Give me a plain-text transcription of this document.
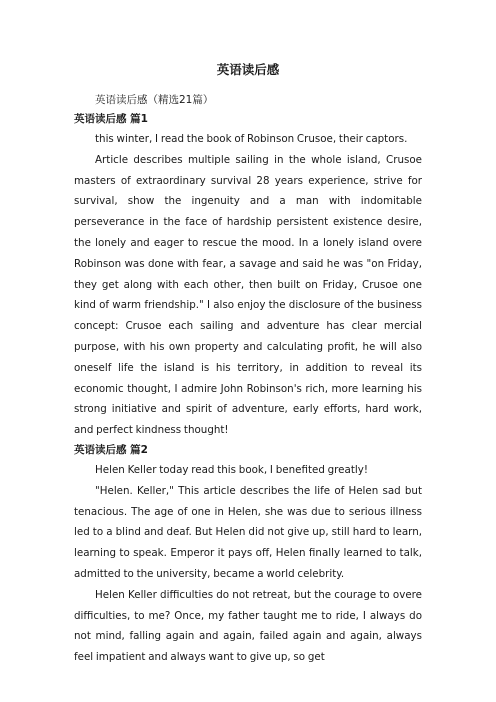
英语读后感

英语读后感（精选21篇）

英语读后感 篇1

this winter, I read the book of Robinson Crusoe, their captors.

Article describes multiple sailing in the whole island, Crusoe masters of extraordinary survival 28 years experience, strive for survival, show the ingenuity and a man with indomitable perseverance in the face of hardship persistent existence desire, the lonely and eager to rescue the mood. In a lonely island overe Robinson was done with fear, a savage and said he was "on Friday, they get along with each other, then built on Friday, Crusoe one kind of warm friendship." I also enjoy the disclosure of the business concept: Crusoe each sailing and adventure has clear mercial purpose, with his own property and calculating profit, he will also oneself life the island is his territory, in addition to reveal its economic thought, I admire John Robinson's rich, more learning his strong initiative and spirit of adventure, early efforts, hard work, and perfect kindness thought!

英语读后感 篇2

Helen Keller today read this book, I benefited greatly!

"Helen. Keller," This article describes the life of Helen sad but tenacious. The age of one in Helen, she was due to serious illness led to a blind and deaf. But Helen did not give up, still hard to learn, learning to speak. Emperor it pays off, Helen finally learned to talk, admitted to the university, became a world celebrity.

Helen Keller difficulties do not retreat, but the courage to overe difficulties, to me? Once, my father taught me to ride, I always do not mind, falling again and again, failed again and again, always feel impatient and always want to give up, so get
